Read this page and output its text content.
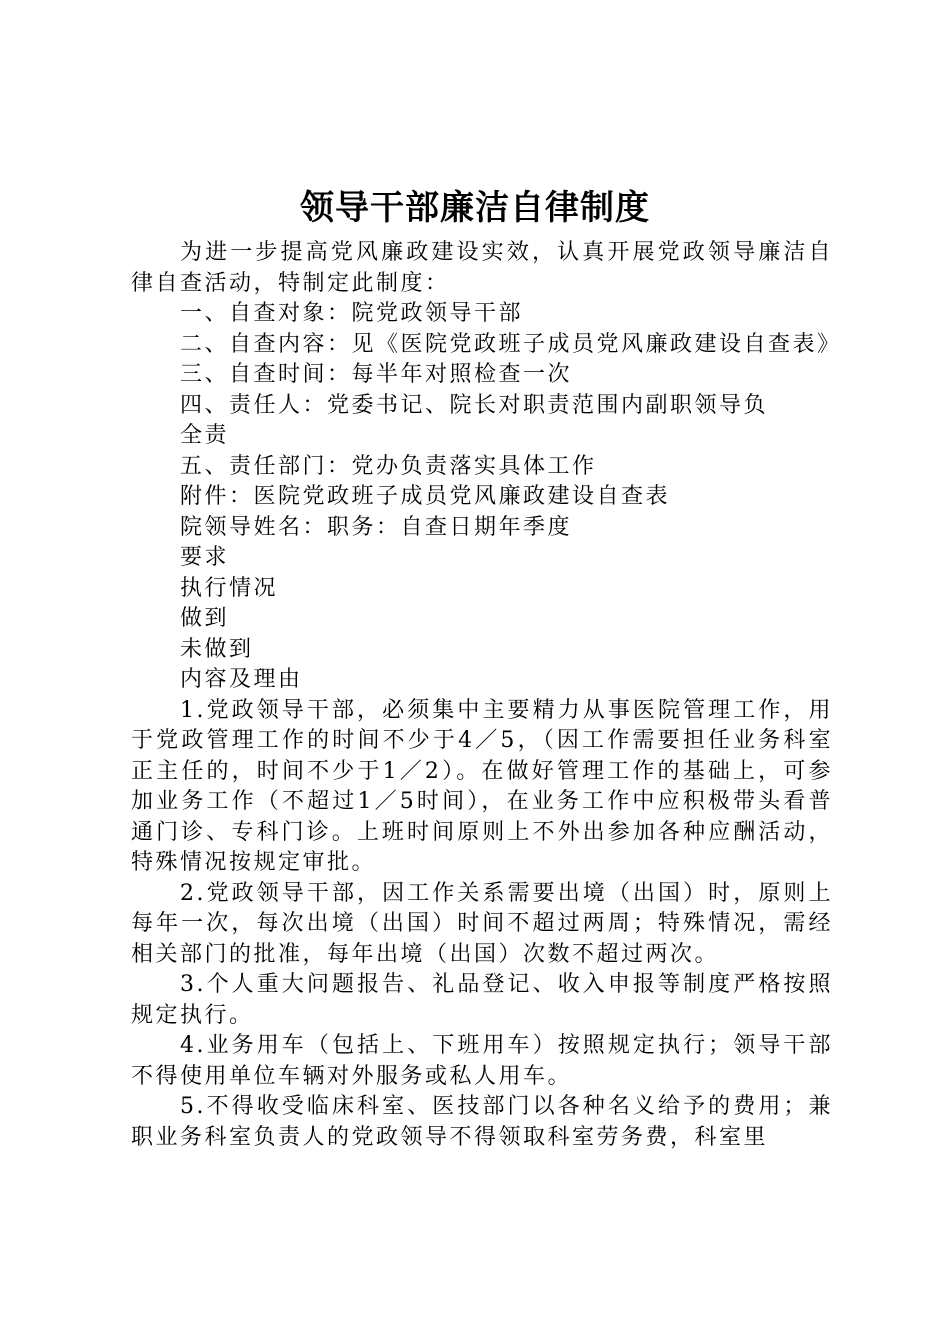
领导干部廉洁自律制度

为进一步提高党风廉政建设实效，认真开展党政领导廉洁自律自查活动，特制定此制度：

一、自查对象：院党政领导干部

二、自查内容：见《医院党政班子成员党风廉政建设自查表》

三、自查时间：每半年对照检查一次

四、责任人：党委书记、院长对职责范围内副职领导负

全责

五、责任部门：党办负责落实具体工作

附件：医院党政班子成员党风廉政建设自查表

院领导姓名：职务：自查日期年季度

要求

执行情况

做到

未做到

内容及理由

1.党政领导干部，必须集中主要精力从事医院管理工作，用于党政管理工作的时间不少于4／5，（因工作需要担任业务科室正主任的，时间不少于1／2）。在做好管理工作的基础上，可参加业务工作（不超过1／5时间），在业务工作中应积极带头看普通门诊、专科门诊。上班时间原则上不外出参加各种应酬活动，特殊情况按规定审批。

2.党政领导干部，因工作关系需要出境（出国）时，原则上每年一次，每次出境（出国）时间不超过两周；特殊情况，需经相关部门的批准，每年出境（出国）次数不超过两次。

3.个人重大问题报告、礼品登记、收入申报等制度严格按照规定执行。

4.业务用车（包括上、下班用车）按照规定执行；领导干部不得使用单位车辆对外服务或私人用车。

5.不得收受临床科室、医技部门以各种名义给予的费用；兼职业务科室负责人的党政领导不得领取科室劳务费，科室里
